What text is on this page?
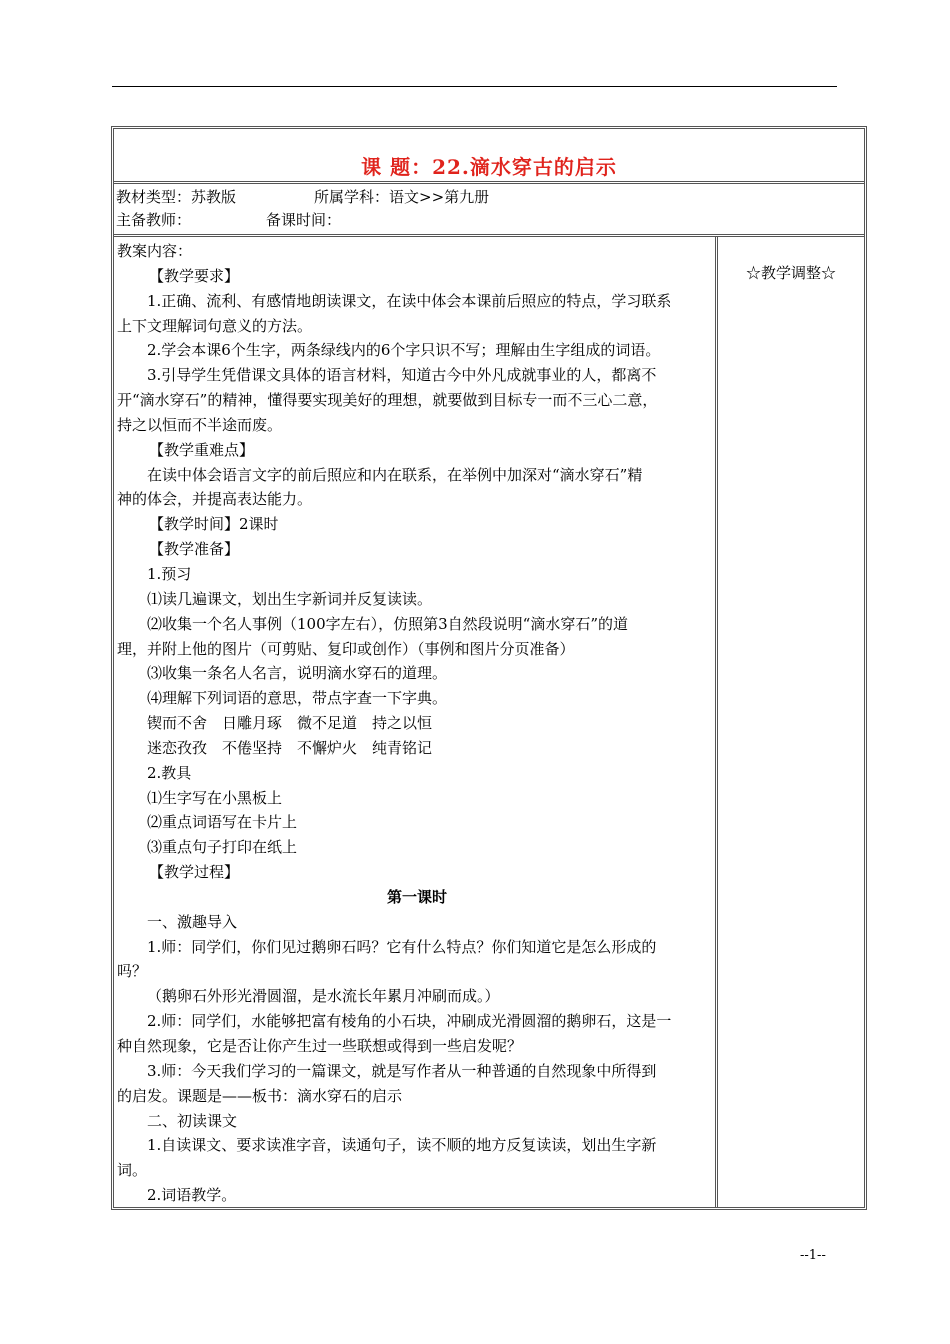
课 题：22.滴水穿古的启示
教材类型：苏教版	所属学科：语文>>第九册
主备教师：	备课时间：
☆教学调整☆

教案内容：

【教学要求】

1.正确、流利、有感情地朗读课文，在读中体会本课前后照应的特点，学习联系

上下文理解词句意义的方法。

2.学会本课6个生字，两条绿线内的6个字只识不写；理解由生字组成的词语。

3.引导学生凭借课文具体的语言材料，知道古今中外凡成就事业的人，都离不

开“滴水穿石”的精神，懂得要实现美好的理想，就要做到目标专一而不三心二意，

持之以恒而不半途而废。

【教学重难点】

在读中体会语言文字的前后照应和内在联系，在举例中加深对“滴水穿石”精

神的体会，并提高表达能力。

【教学时间】2课时

【教学准备】

1.预习

⑴读几遍课文，划出生字新词并反复读读。

⑵收集一个名人事例（100字左右），仿照第3自然段说明“滴水穿石”的道

理，并附上他的图片（可剪贴、复印或创作）（事例和图片分页准备）

⑶收集一条名人名言，说明滴水穿石的道理。

⑷理解下列词语的意思，带点字查一下字典。

锲而不舍　日雕月琢　微不足道　持之以恒

迷恋孜孜　不倦坚持　不懈炉火　纯青铭记

2.教具

⑴生字写在小黑板上

⑵重点词语写在卡片上

⑶重点句子打印在纸上

【教学过程】

第一课时

一、激趣导入

1.师：同学们，你们见过鹅卵石吗？它有什么特点？你们知道它是怎么形成的

吗？

（鹅卵石外形光滑圆溜，是水流长年累月冲刷而成。）

2.师：同学们，水能够把富有棱角的小石块，冲刷成光滑圆溜的鹅卵石，这是一

种自然现象，它是否让你产生过一些联想或得到一些启发呢？

3.师：今天我们学习的一篇课文，就是写作者从一种普通的自然现象中所得到

的启发。课题是——板书：滴水穿石的启示

二、初读课文

1.自读课文、要求读准字音，读通句子，读不顺的地方反复读读，划出生字新

词。

2.词语教学。

--1--
